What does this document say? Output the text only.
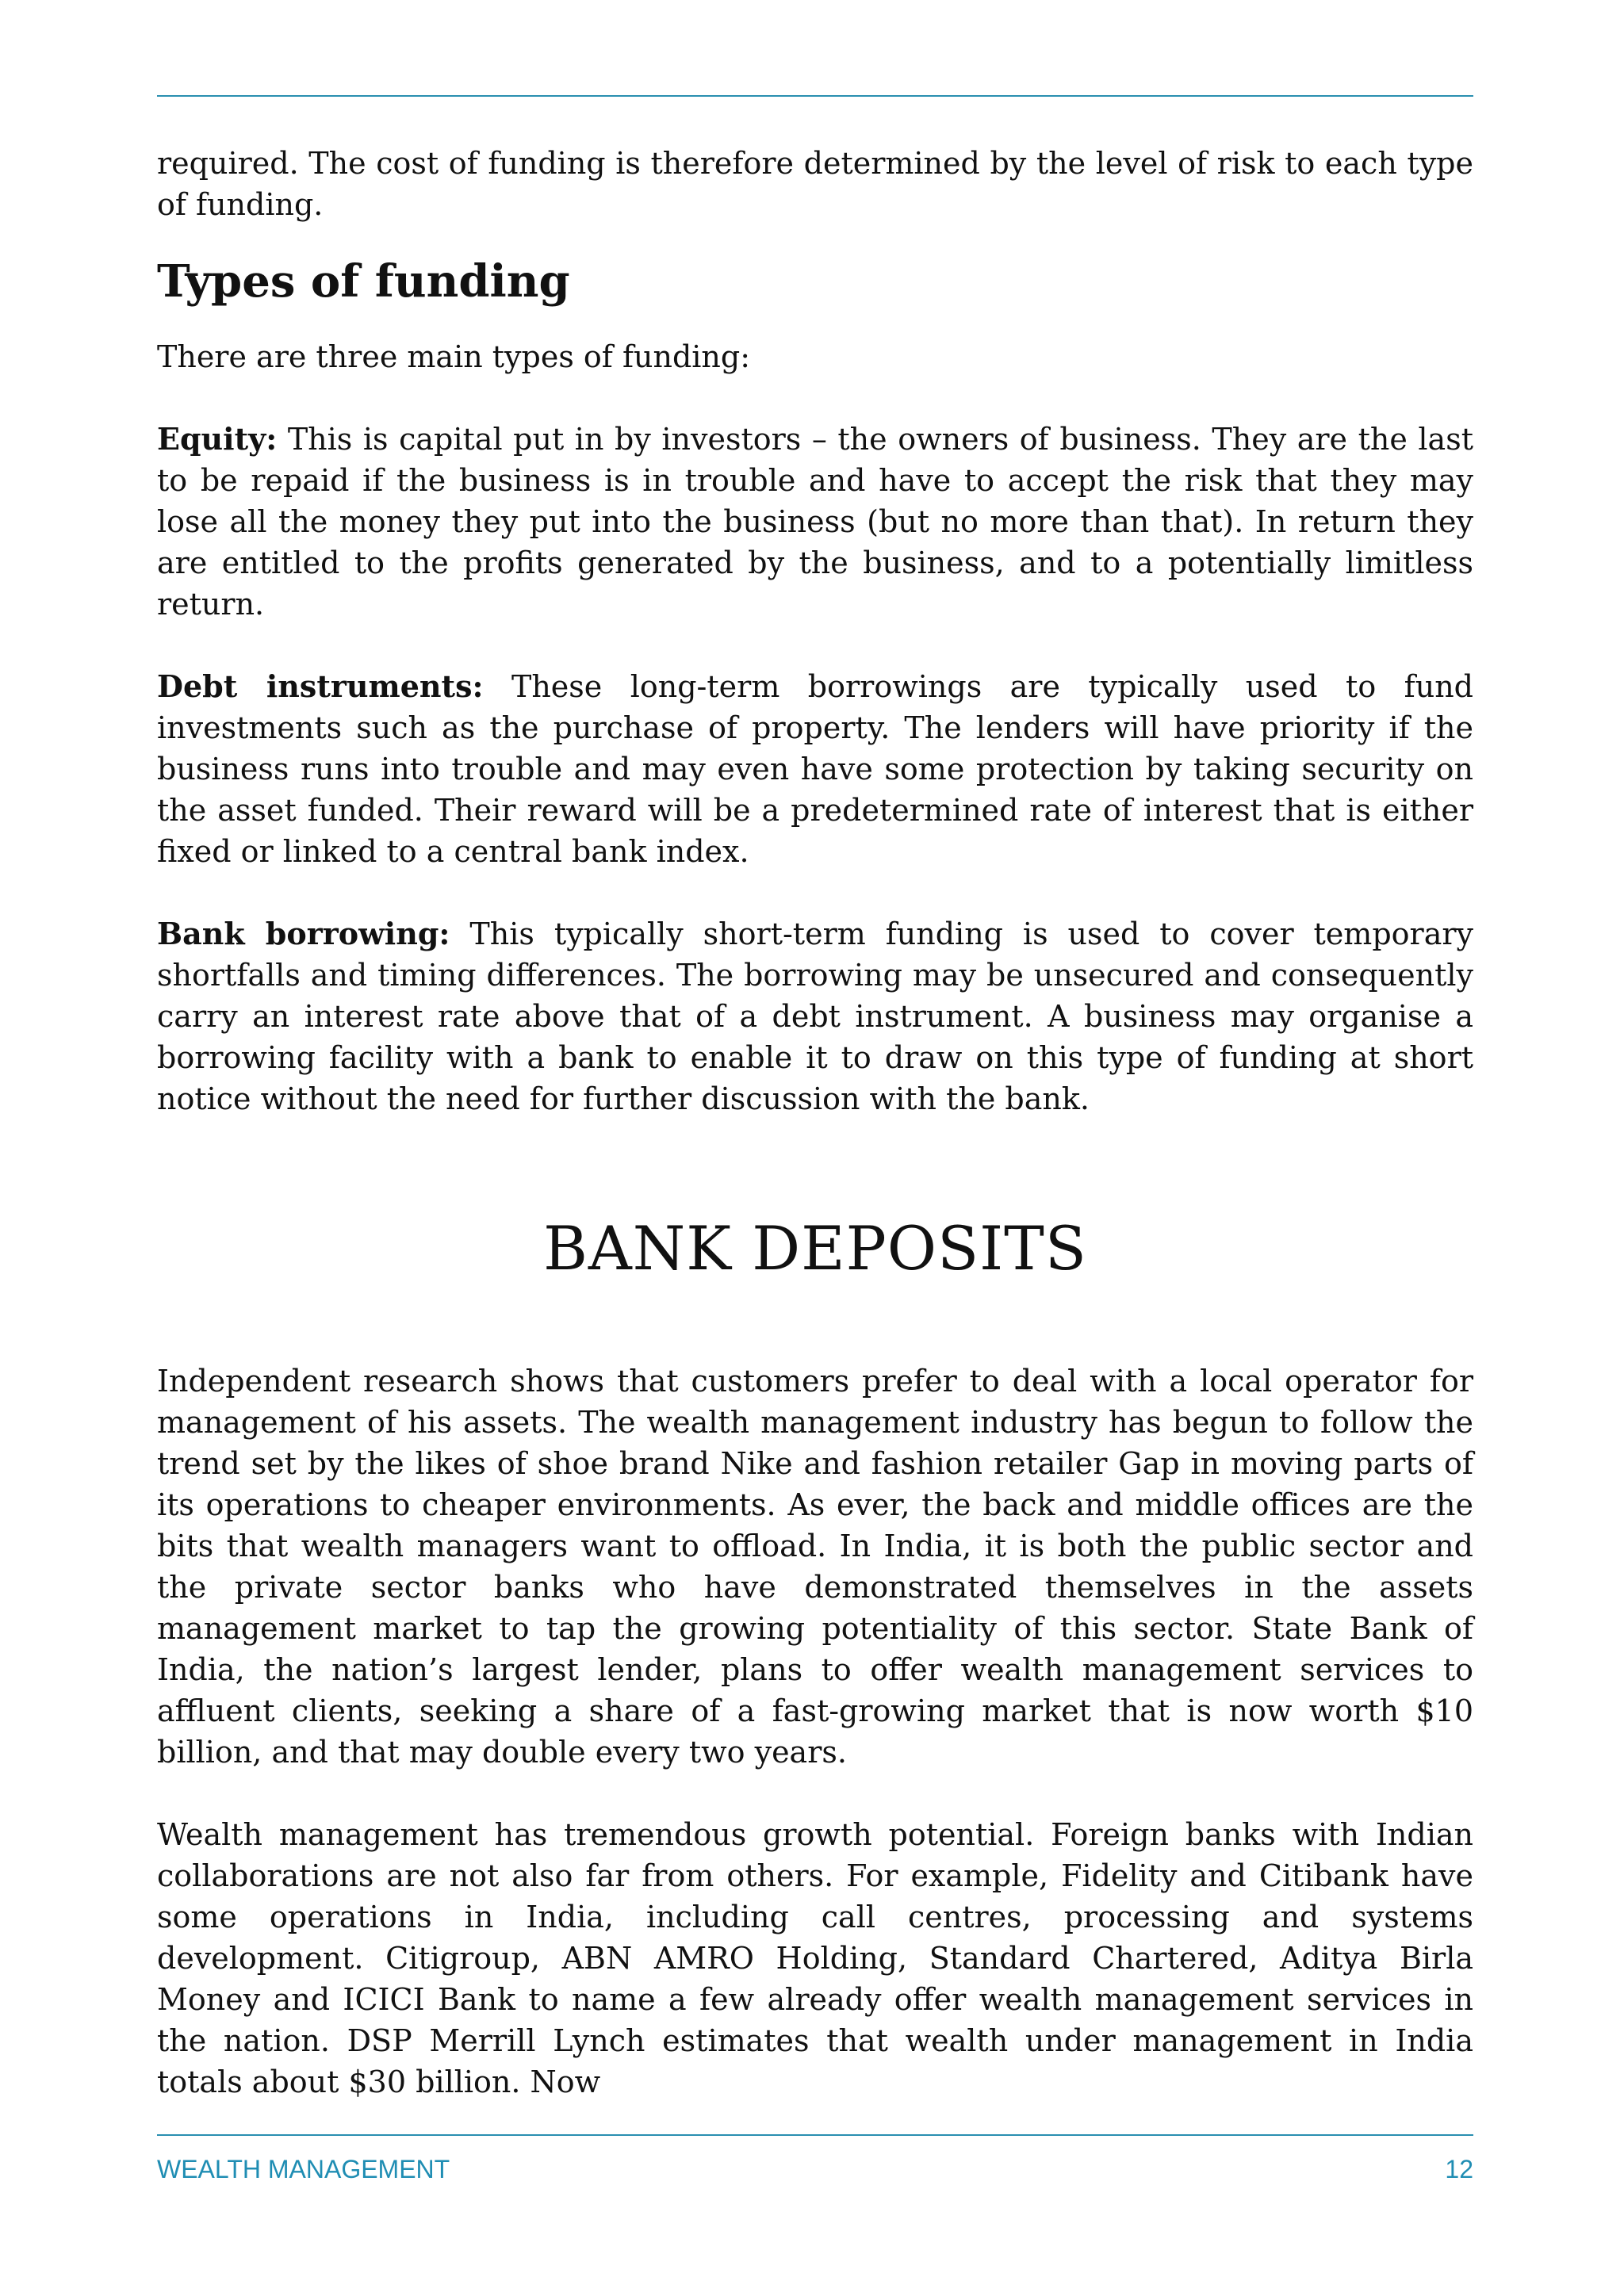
required. The cost of funding is therefore determined by the level of risk to each type of funding.

Types of funding

There are three main types of funding:

Equity: This is capital put in by investors – the owners of business. They are the last to be repaid if the business is in trouble and have to accept the risk that they may lose all the money they put into the business (but no more than that). In return they are entitled to the profits generated by the business, and to a potentially limitless return.

Debt instruments: These long-term borrowings are typically used to fund investments such as the purchase of property. The lenders will have priority if the business runs into trouble and may even have some protection by taking security on the asset funded. Their reward will be a predetermined rate of interest that is either fixed or linked to a central bank index.

Bank borrowing: This typically short-term funding is used to cover temporary shortfalls and timing differences. The borrowing may be unsecured and consequently carry an interest rate above that of a debt instrument. A business may organise a borrowing facility with a bank to enable it to draw on this type of funding at short notice without the need for further discussion with the bank.

BANK DEPOSITS

Independent research shows that customers prefer to deal with a local operator for management of his assets. The wealth management industry has begun to follow the trend set by the likes of shoe brand Nike and fashion retailer Gap in moving parts of its operations to cheaper environments. As ever, the back and middle offices are the bits that wealth managers want to offload. In India, it is both the public sector and the private sector banks who have demonstrated themselves in the assets management market to tap the growing potentiality of this sector. State Bank of India, the nation’s largest lender, plans to offer wealth management services to affluent clients, seeking a share of a fast-growing market that is now worth $10 billion, and that may double every two years.

Wealth management has tremendous growth potential. Foreign banks with Indian collaborations are not also far from others. For example, Fidelity and Citibank have some operations in India, including call centres, processing and systems development. Citigroup, ABN AMRO Holding, Standard Chartered, Aditya Birla Money and ICICI Bank to name a few already offer wealth management services in the nation. DSP Merrill Lynch estimates that wealth under management in India totals about $30 billion. Now

WEALTH MANAGEMENT	12
